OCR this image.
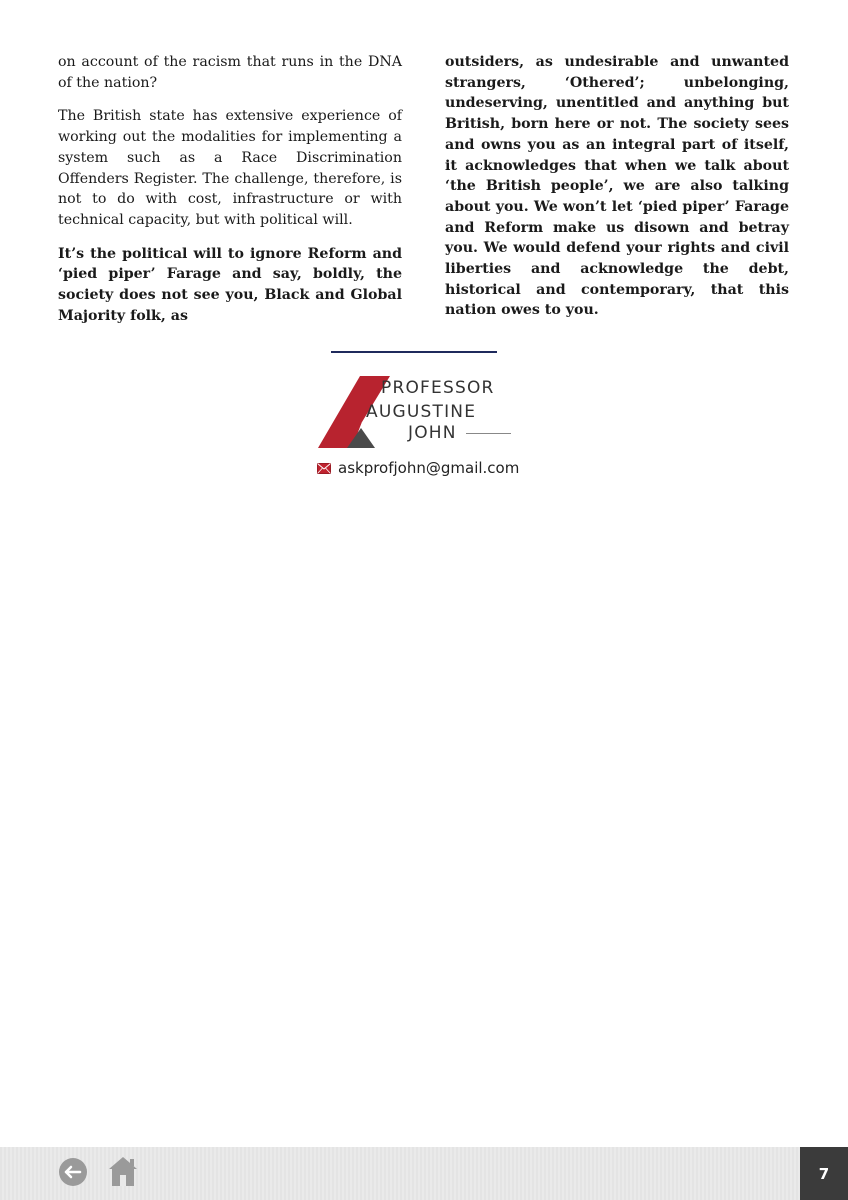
on account of the racism that runs in the DNA of the nation?

The British state has extensive experience of working out the modalities for implementing a system such as a Race Discrimination Offenders Register. The challenge, therefore, is not to do with cost, infrastructure or with technical capacity, but with political will.

It’s the political will to ignore Reform and ‘pied piper’ Farage and say, boldly, the society does not see you, Black and Global Majority folk, as

outsiders, as undesirable and unwanted strangers, ‘Othered’; unbelonging, undeserving, unentitled and anything but British, born here or not. The society sees and owns you as an integral part of itself, it acknowledges that when we talk about ‘the British people’, we are also talking about you. We won’t let ‘pied piper’ Farage and Reform make us disown and betray you. We would defend your rights and civil liberties and acknowledge the debt, historical and contemporary, that this nation owes to you.

PROFESSOR
AUGUSTINE
JOHN
askprofjohn@gmail.com
7
